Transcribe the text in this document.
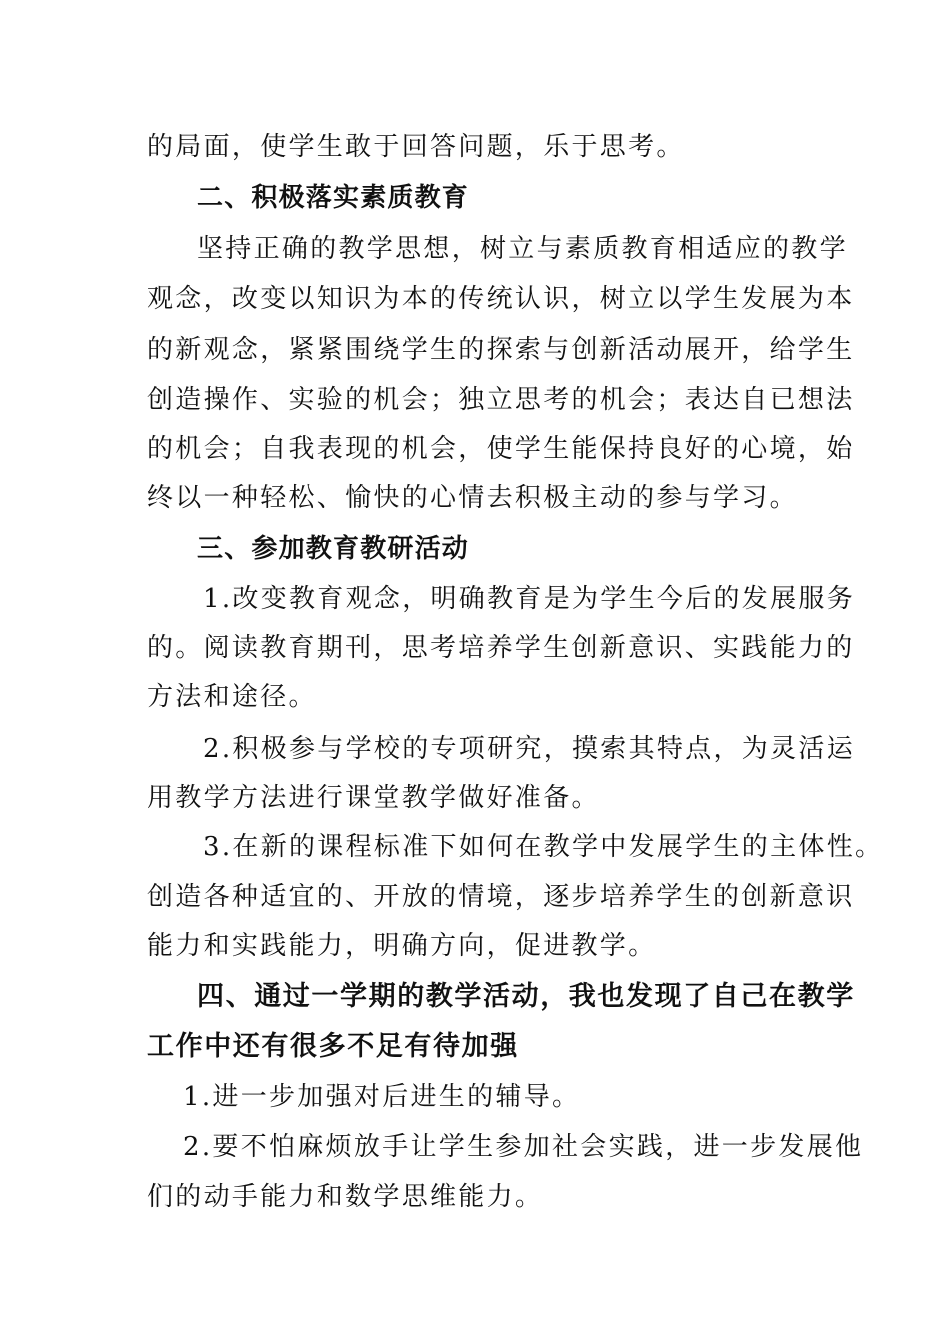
的局面，使学生敢于回答问题，乐于思考。

二、积极落实素质教育

坚持正确的教学思想，树立与素质教育相适应的教学

观念，改变以知识为本的传统认识，树立以学生发展为本

的新观念，紧紧围绕学生的探索与创新活动展开，给学生

创造操作、实验的机会；独立思考的机会；表达自已想法

的机会；自我表现的机会，使学生能保持良好的心境，始

终以一种轻松、愉快的心情去积极主动的参与学习。

三、参加教育教研活动

1.改变教育观念，明确教育是为学生今后的发展服务

的。阅读教育期刊，思考培养学生创新意识、实践能力的

方法和途径。

2.积极参与学校的专项研究，摸索其特点，为灵活运

用教学方法进行课堂教学做好准备。

3.在新的课程标准下如何在教学中发展学生的主体性。

创造各种适宜的、开放的情境，逐步培养学生的创新意识

能力和实践能力，明确方向，促进教学。

四、通过一学期的教学活动，我也发现了自己在教学

工作中还有很多不足有待加强

1.进一步加强对后进生的辅导。

2.要不怕麻烦放手让学生参加社会实践，进一步发展他

们的动手能力和数学思维能力。
